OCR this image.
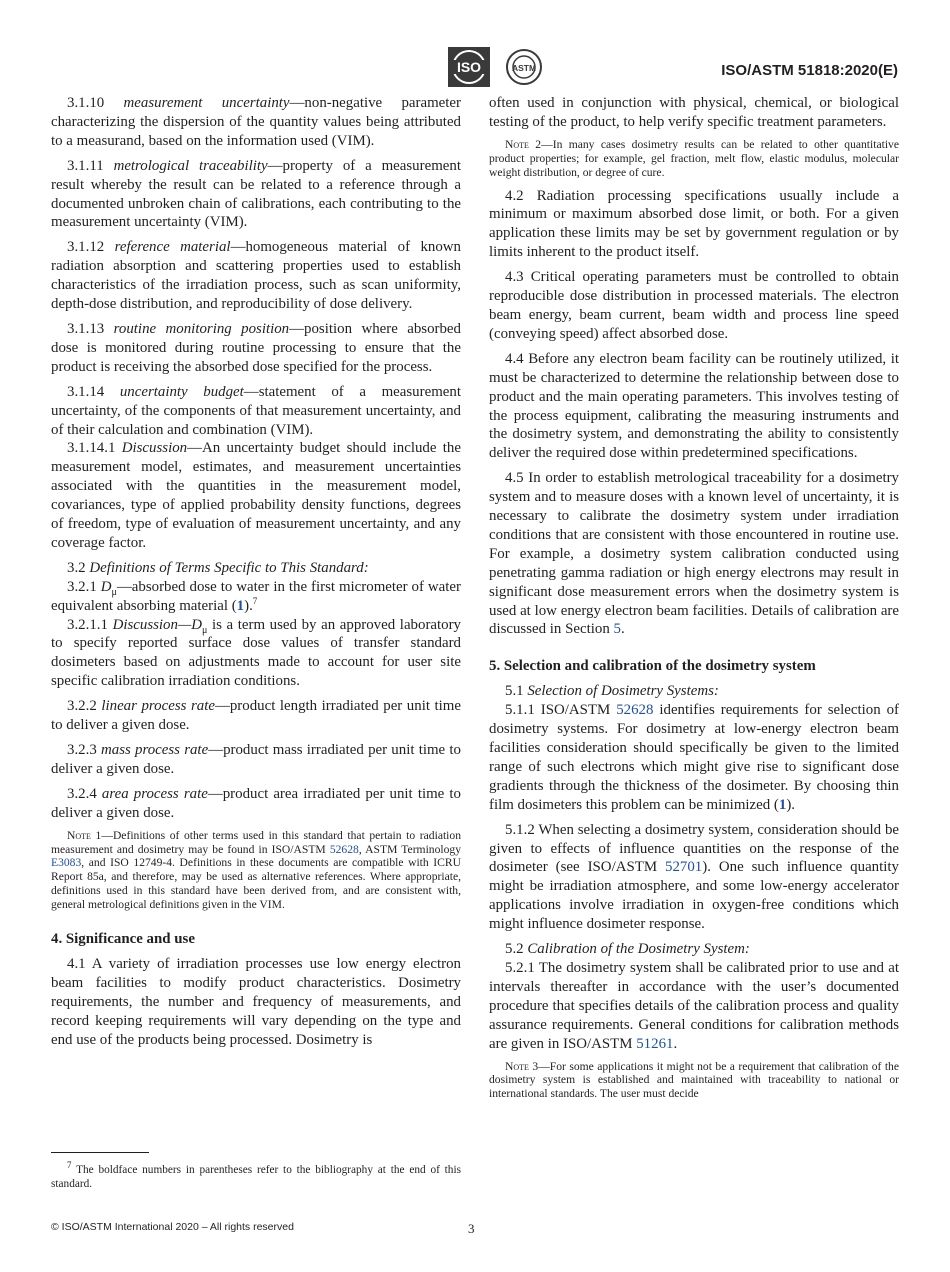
ISO	ASTM	ISO/ASTM 51818:2020(E)

3.1.10 measurement uncertainty—non-negative parameter characterizing the dispersion of the quantity values being attributed to a measurand, based on the information used (VIM).

3.1.11 metrological traceability—property of a measurement result whereby the result can be related to a reference through a documented unbroken chain of calibrations, each contributing to the measurement uncertainty (VIM).

3.1.12 reference material—homogeneous material of known radiation absorption and scattering properties used to establish characteristics of the irradiation process, such as scan uniformity, depth-dose distribution, and reproducibility of dose delivery.

3.1.13 routine monitoring position—position where absorbed dose is monitored during routine processing to ensure that the product is receiving the absorbed dose specified for the process.

3.1.14 uncertainty budget—statement of a measurement uncertainty, of the components of that measurement uncertainty, and of their calculation and combination (VIM).

3.1.14.1 Discussion—An uncertainty budget should include the measurement model, estimates, and measurement uncertainties associated with the quantities in the measurement model, covariances, type of applied probability density functions, degrees of freedom, type of evaluation of measurement uncertainty, and any coverage factor.

3.2 Definitions of Terms Specific to This Standard:

3.2.1 $D_\mu—absorbed$ dose to water in the first micrometer of water equivalent absorbing material (1).$^7$

3.2.1.1 $Discussion—D_\mu$ is a term used by an approved laboratory to specify reported surface dose values of transfer standard dosimeters based on adjustments made to account for user site specific calibration irradiation conditions.

3.2.2 linear process rate—product length irradiated per unit time to deliver a given dose.

3.2.3 mass process rate—product mass irradiated per unit time to deliver a given dose.

3.2.4 area process rate—product area irradiated per unit time to deliver a given dose.

Note 1—Definitions of other terms used in this standard that pertain to radiation measurement and dosimetry may be found in ISO/ASTM 52628, ASTM Terminology E3083, and ISO 12749-4. Definitions in these documents are compatible with ICRU Report 85a, and therefore, may be used as alternative references. Where appropriate, definitions used in this standard have been derived from, and are consistent with, general metrological definitions given in the VIM.
4. Significance and use

4.1 A variety of irradiation processes use low energy electron beam facilities to modify product characteristics. Dosimetry requirements, the number and frequency of measurements, and record keeping requirements will vary depending on the type and end use of the products being processed. Dosimetry is

often used in conjunction with physical, chemical, or biological testing of the product, to help verify specific treatment parameters.

Note 2—In many cases dosimetry results can be related to other quantitative product properties; for example, gel fraction, melt flow, elastic modulus, molecular weight distribution, or degree of cure.

4.2 Radiation processing specifications usually include a minimum or maximum absorbed dose limit, or both. For a given application these limits may be set by government regulation or by limits inherent to the product itself.

4.3 Critical operating parameters must be controlled to obtain reproducible dose distribution in processed materials. The electron beam energy, beam current, beam width and process line speed (conveying speed) affect absorbed dose.

4.4 Before any electron beam facility can be routinely utilized, it must be characterized to determine the relationship between dose to product and the main operating parameters. This involves testing of the process equipment, calibrating the measuring instruments and the dosimetry system, and demonstrating the ability to consistently deliver the required dose within predetermined specifications.

4.5 In order to establish metrological traceability for a dosimetry system and to measure doses with a known level of uncertainty, it is necessary to calibrate the dosimetry system under irradiation conditions that are consistent with those encountered in routine use. For example, a dosimetry system calibration conducted using penetrating gamma radiation or high energy electrons may result in significant dose measurement errors when the dosimetry system is used at low energy electron beam facilities. Details of calibration are discussed in Section 5.

5. Selection and calibration of the dosimetry system

5.1 Selection of Dosimetry Systems:

5.1.1 ISO/ASTM 52628 identifies requirements for selection of dosimetry systems. For dosimetry at low-energy electron beam facilities consideration should specifically be given to the limited range of such electrons which might give rise to significant dose gradients through the thickness of the dosimeter. By choosing thin film dosimeters this problem can be minimized (1).

5.1.2 When selecting a dosimetry system, consideration should be given to effects of influence quantities on the response of the dosimeter (see ISO/ASTM 52701). One such influence quantity might be irradiation atmosphere, and some low-energy accelerator applications involve irradiation in oxygen-free conditions which might influence dosimeter response.

5.2 Calibration of the Dosimetry System:

5.2.1 The dosimetry system shall be calibrated prior to use and at intervals thereafter in accordance with the user’s documented procedure that specifies details of the calibration process and quality assurance requirements. General conditions for calibration methods are given in ISO/ASTM 51261.

Note 3—For some applications it might not be a requirement that calibration of the dosimetry system is established and maintained with traceability to national or international standards. The user must decide
$^7$ The boldface numbers in parentheses refer to the bibliography at the end of this standard.
© ISO/ASTM International 2020 – All rights reserved	3
